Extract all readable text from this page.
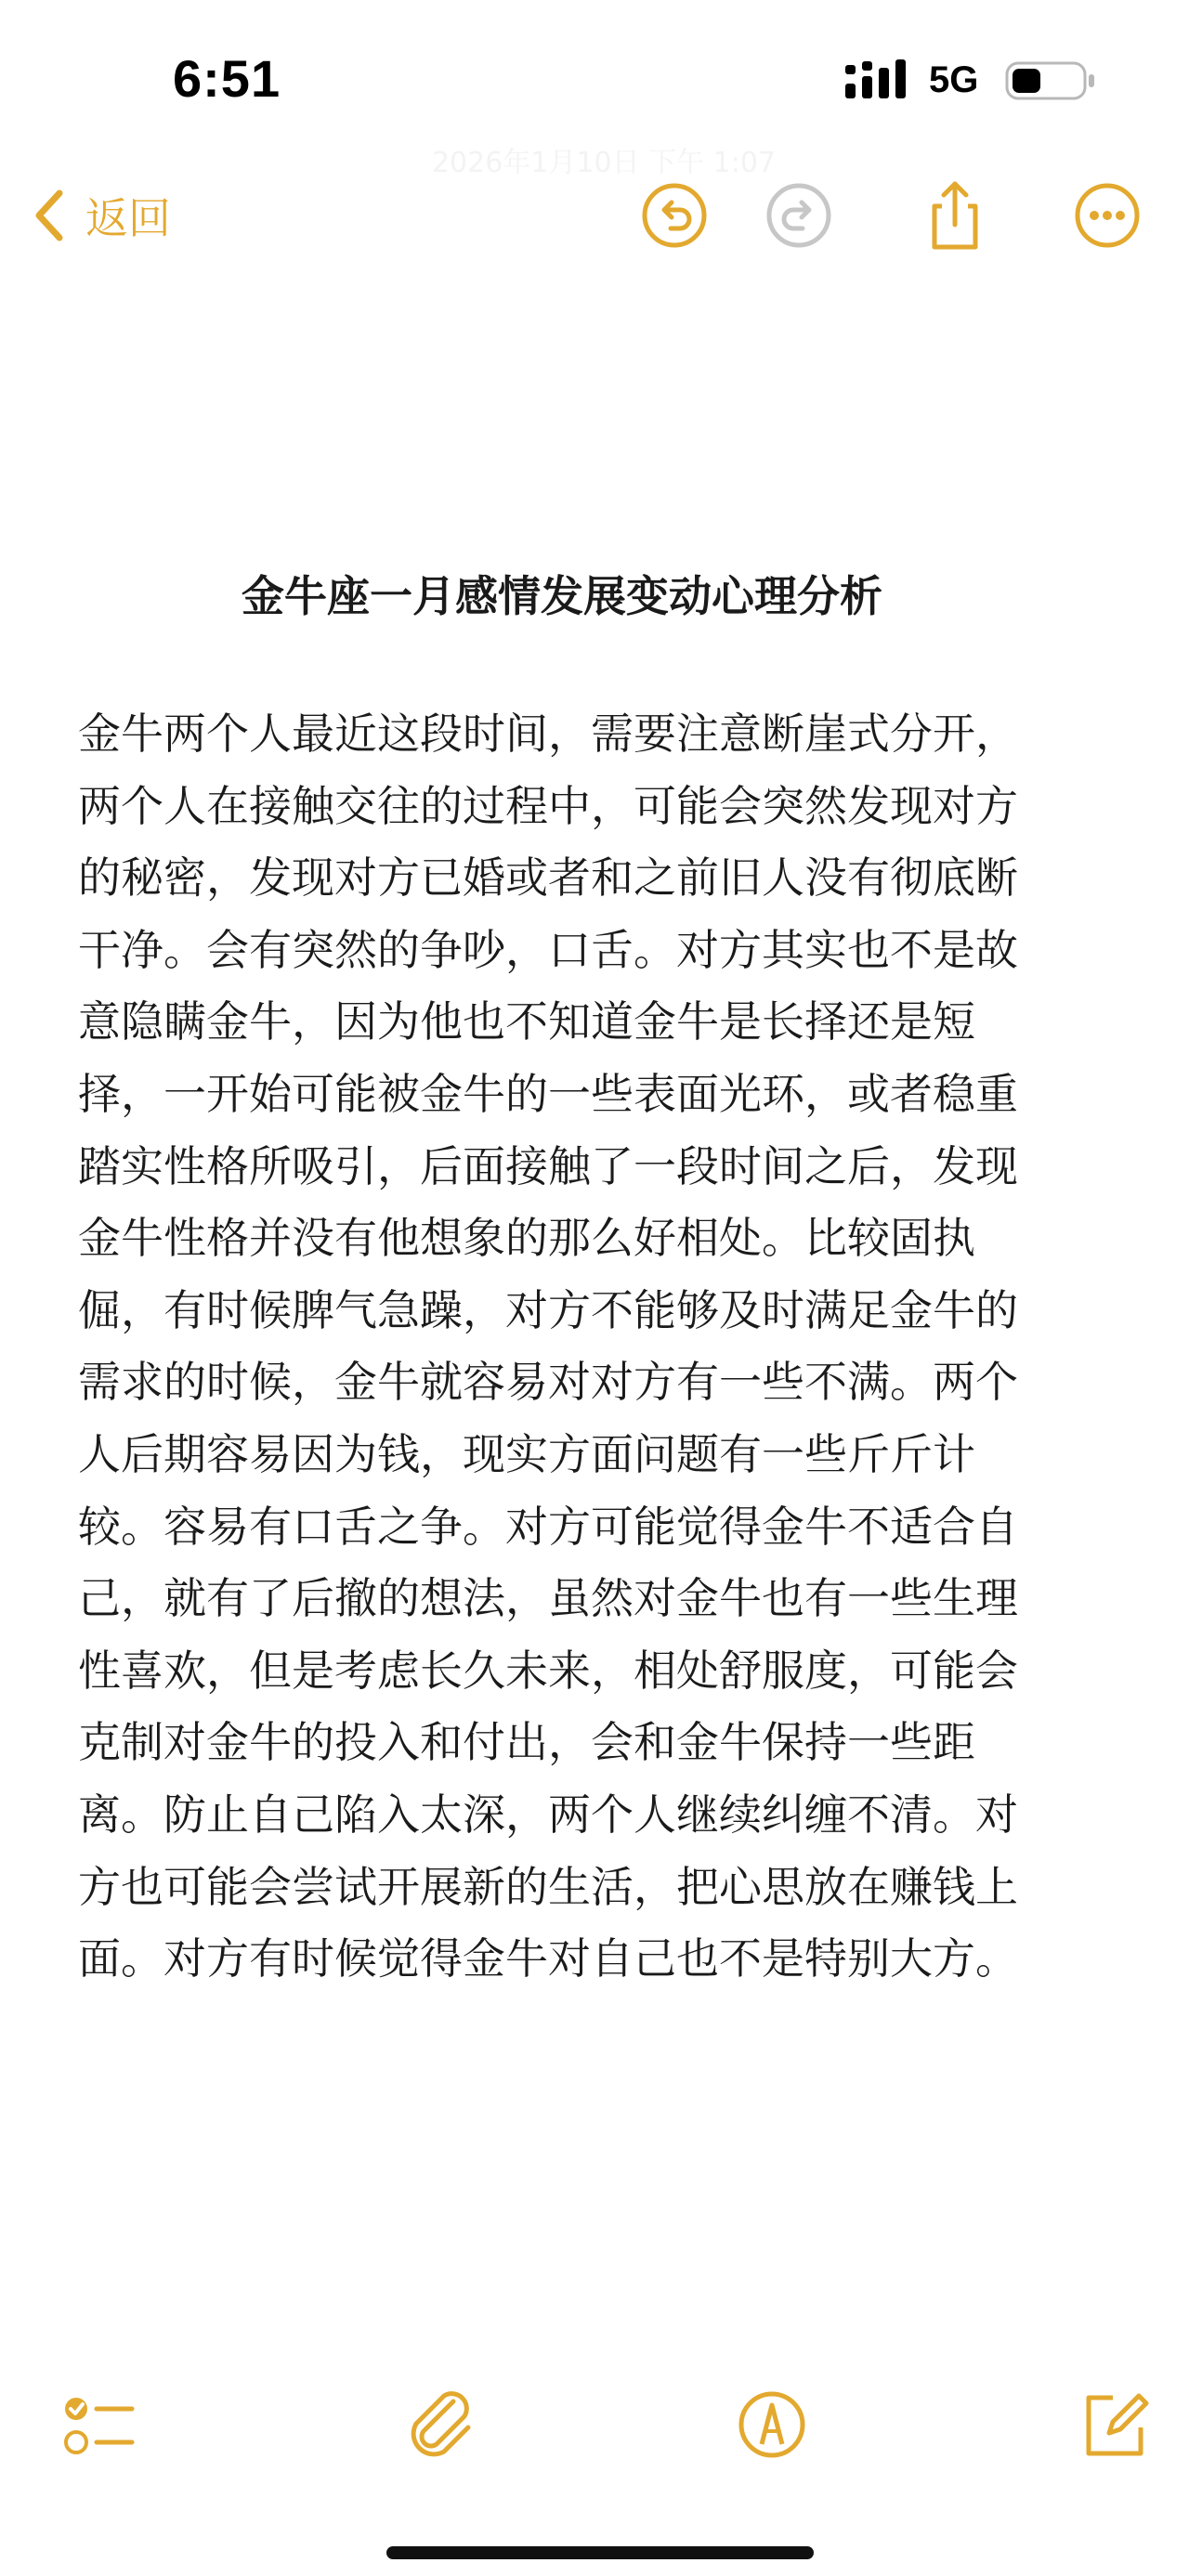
6:51	5G
返回
2026年1月10日 下午 1:07
金牛座一月感情发展变动心理分析
金牛两个人最近这段时间，需要注意断崖式分开，
两个人在接触交往的过程中，可能会突然发现对方
的秘密，发现对方已婚或者和之前旧人没有彻底断
干净。会有突然的争吵，口舌。对方其实也不是故
意隐瞒金牛，因为他也不知道金牛是长择还是短
择，一开始可能被金牛的一些表面光环，或者稳重
踏实性格所吸引，后面接触了一段时间之后，发现
金牛性格并没有他想象的那么好相处。比较固执
倔，有时候脾气急躁，对方不能够及时满足金牛的
需求的时候，金牛就容易对对方有一些不满。两个
人后期容易因为钱，现实方面问题有一些斤斤计
较。容易有口舌之争。对方可能觉得金牛不适合自
己，就有了后撤的想法，虽然对金牛也有一些生理
性喜欢，但是考虑长久未来，相处舒服度，可能会
克制对金牛的投入和付出，会和金牛保持一些距
离。防止自己陷入太深，两个人继续纠缠不清。对
方也可能会尝试开展新的生活，把心思放在赚钱上
面。对方有时候觉得金牛对自己也不是特别大方。
